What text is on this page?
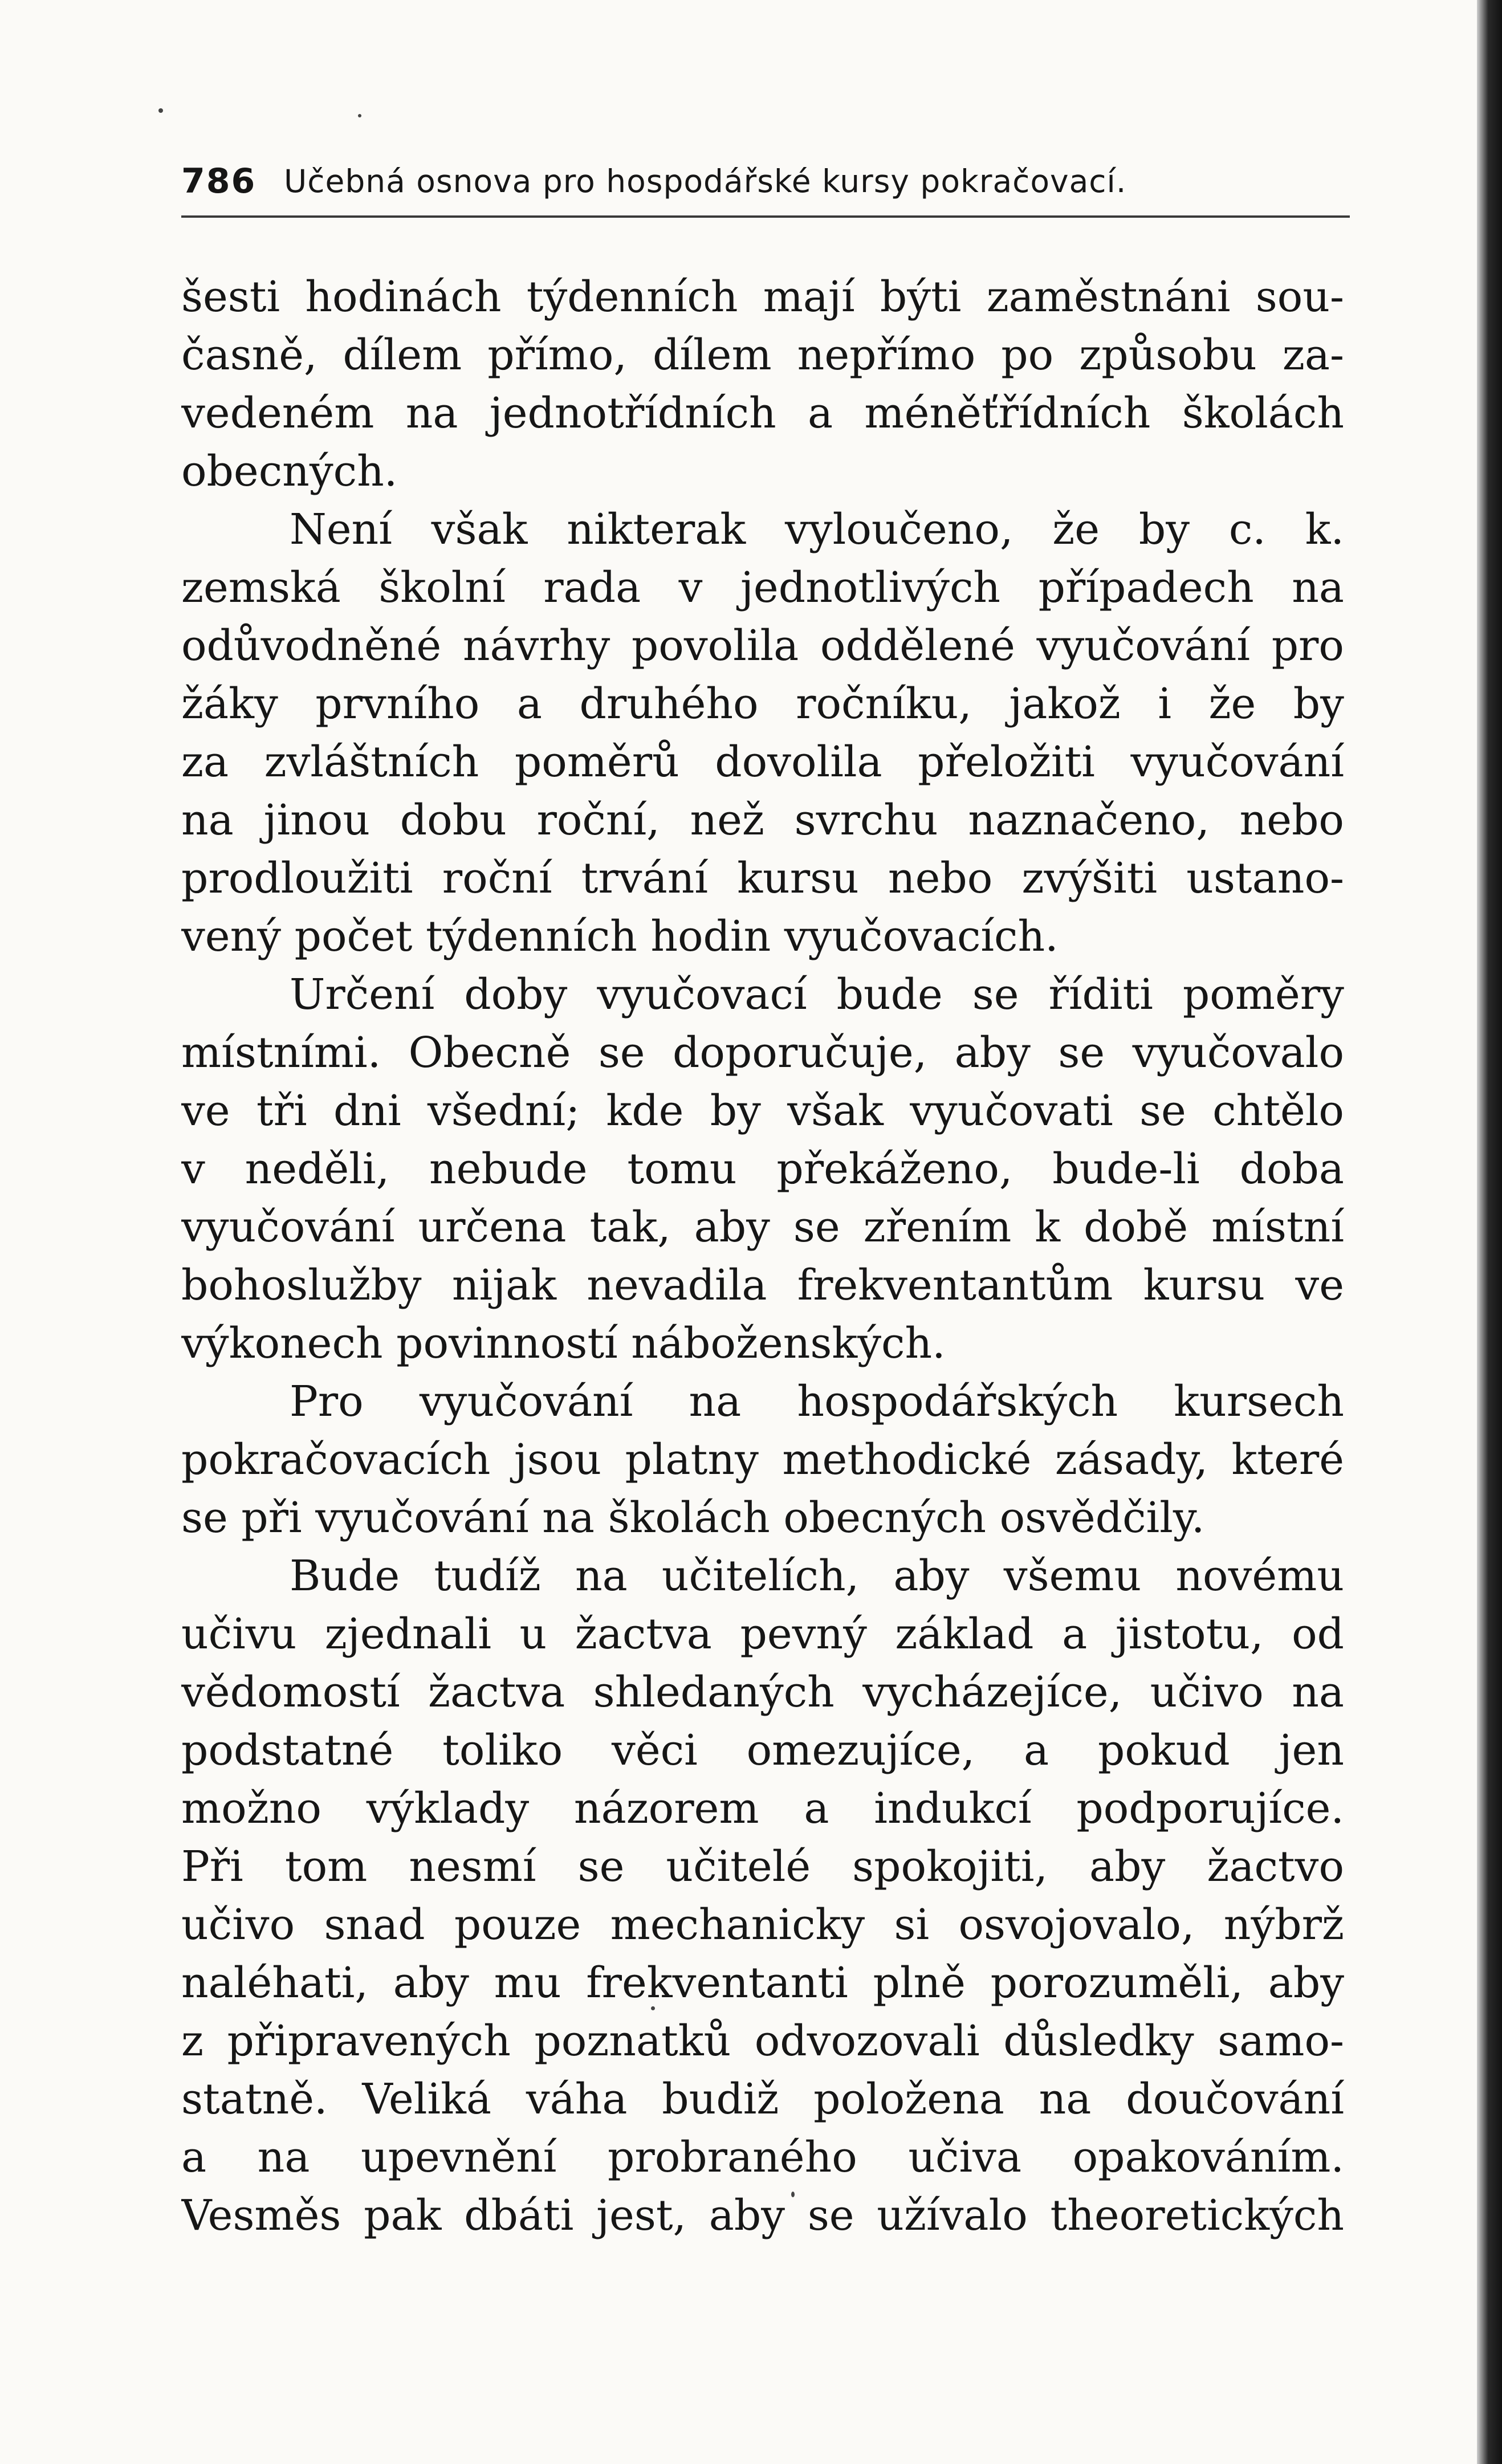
786 Učebná osnova pro hospodářské kursy pokračovací.
šesti hodinách týdenních mají býti zaměstnáni sou-
časně, dílem přímo, dílem nepřímo po způsobu za-
vedeném na jednotřídních a méněťřídních školách
obecných.
Není však nikterak vyloučeno, že by c. k.
zemská školní rada v jednotlivých případech na
odůvodněné návrhy povolila oddělené vyučování pro
žáky prvního a druhého ročníku, jakož i že by
za zvláštních poměrů dovolila přeložiti vyučování
na jinou dobu roční, než svrchu naznačeno, nebo
prodloužiti roční trvání kursu nebo zvýšiti ustano-
vený počet týdenních hodin vyučovacích.
Určení doby vyučovací bude se říditi poměry
místními. Obecně se doporučuje, aby se vyučovalo
ve tři dni všední; kde by však vyučovati se chtělo
v neděli, nebude tomu překáženo, bude-li doba
vyučování určena tak, aby se zřením k době místní
bohoslužby nijak nevadila frekventantům kursu ve
výkonech povinností náboženských.
Pro vyučování na hospodářských kursech
pokračovacích jsou platny methodické zásady, které
se při vyučování na školách obecných osvědčily.
Bude tudíž na učitelích, aby všemu novému
učivu zjednali u žactva pevný základ a jistotu, od
vědomostí žactva shledaných vycházejíce, učivo na
podstatné toliko věci omezujíce, a pokud jen
možno výklady názorem a indukcí podporujíce.
Při tom nesmí se učitelé spokojiti, aby žactvo
učivo snad pouze mechanicky si osvojovalo, nýbrž
naléhati, aby mu frekventanti plně porozuměli, aby
z připravených poznatků odvozovali důsledky samo-
statně. Veliká váha budiž položena na doučování
a na upevnění probraného učiva opakováním.
Vesměs pak dbáti jest, aby se užívalo theoretických
